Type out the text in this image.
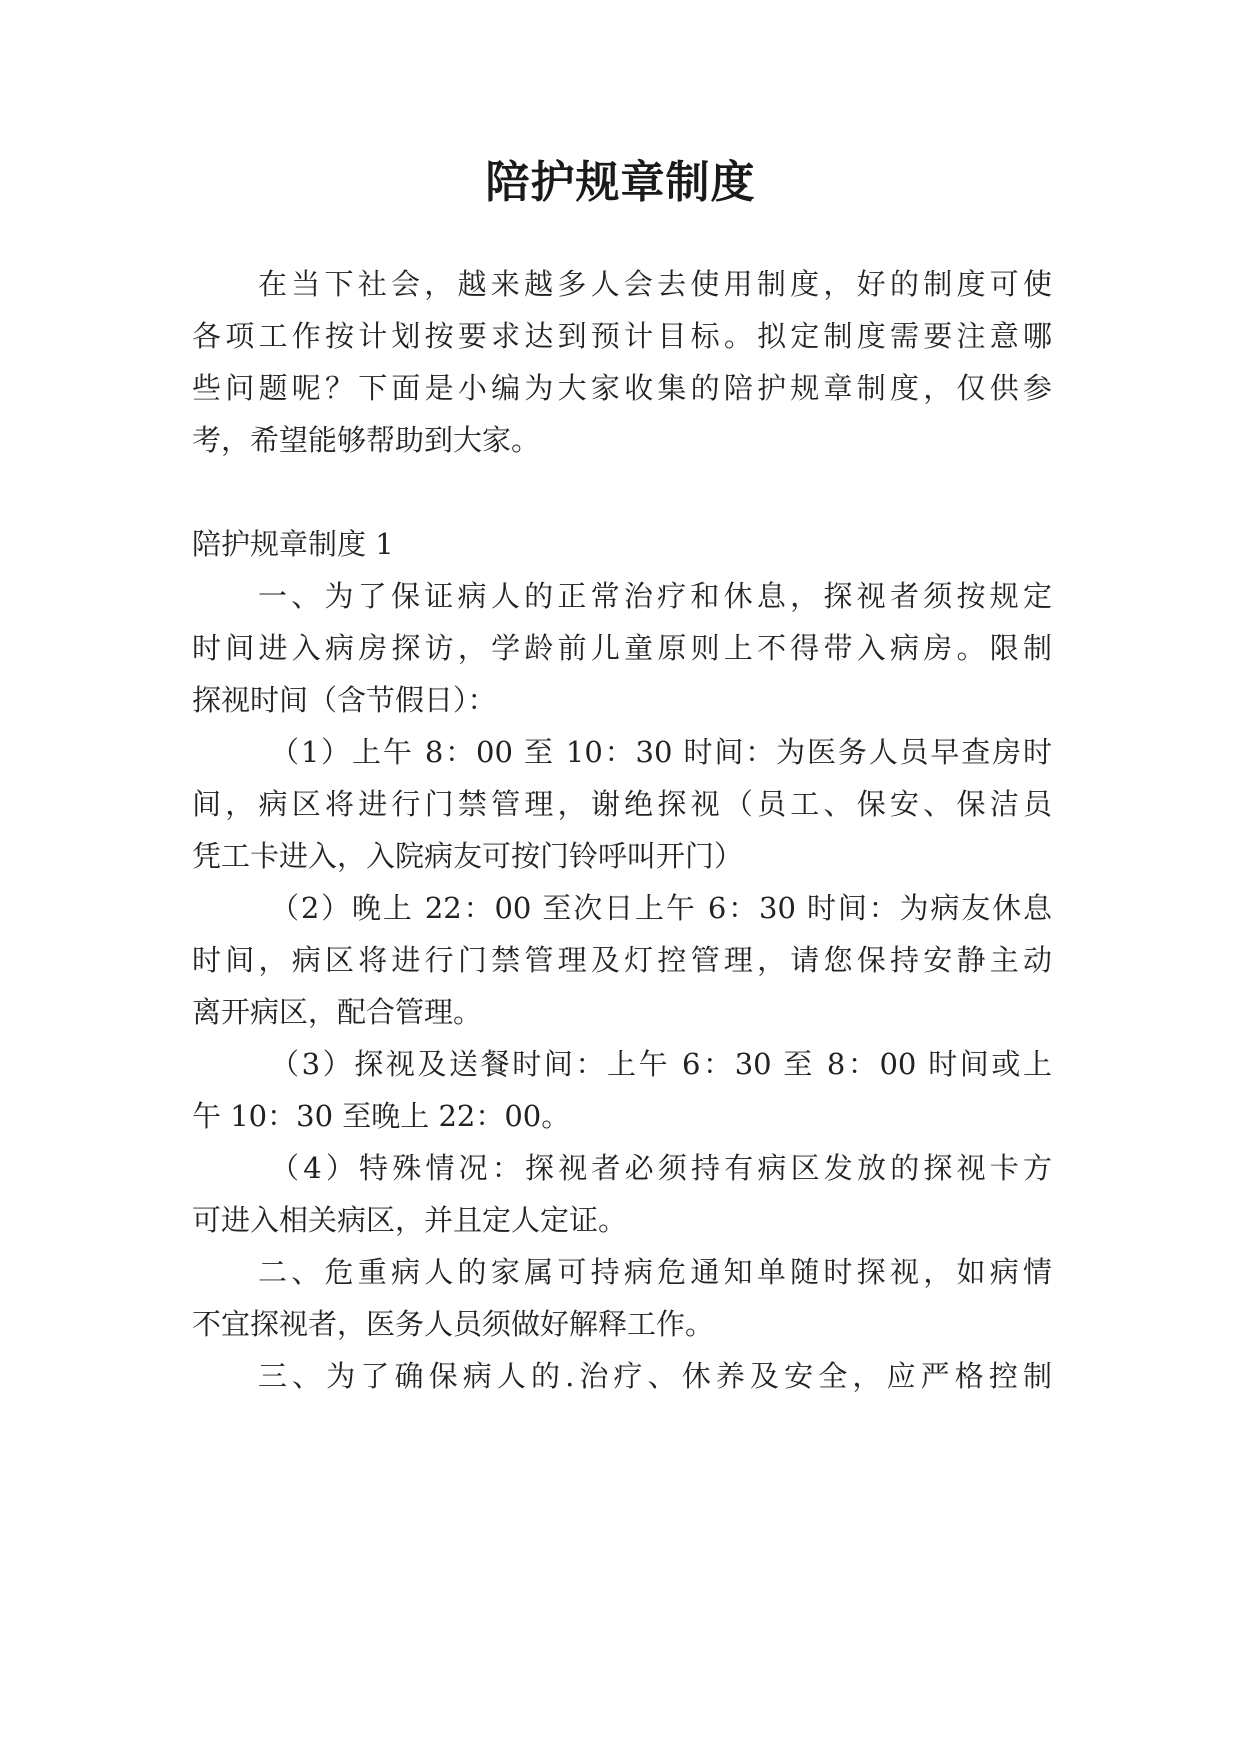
陪护规章制度
在当下社会，越来越多人会去使用制度，好的制度可使
各项工作按计划按要求达到预计目标。拟定制度需要注意哪
些问题呢？下面是小编为大家收集的陪护规章制度，仅供参
考，希望能够帮助到大家。
陪护规章制度 1
一、为了保证病人的正常治疗和休息，探视者须按规定
时间进入病房探访，学龄前儿童原则上不得带入病房。限制
探视时间（含节假日）：
（1）上午 8：00 至 10：30 时间：为医务人员早查房时
间，病区将进行门禁管理，谢绝探视（员工、保安、保洁员
凭工卡进入，入院病友可按门铃呼叫开门）
（2）晚上 22：00 至次日上午 6：30 时间：为病友休息
时间，病区将进行门禁管理及灯控管理，请您保持安静主动
离开病区，配合管理。
（3）探视及送餐时间：上午 6：30 至 8：00 时间或上
午 10：30 至晚上 22：00。
（4）特殊情况：探视者必须持有病区发放的探视卡方
可进入相关病区，并且定人定证。
二、危重病人的家属可持病危通知单随时探视，如病情
不宜探视者，医务人员须做好解释工作。
三、为了确保病人的.治疗、休养及安全，应严格控制
